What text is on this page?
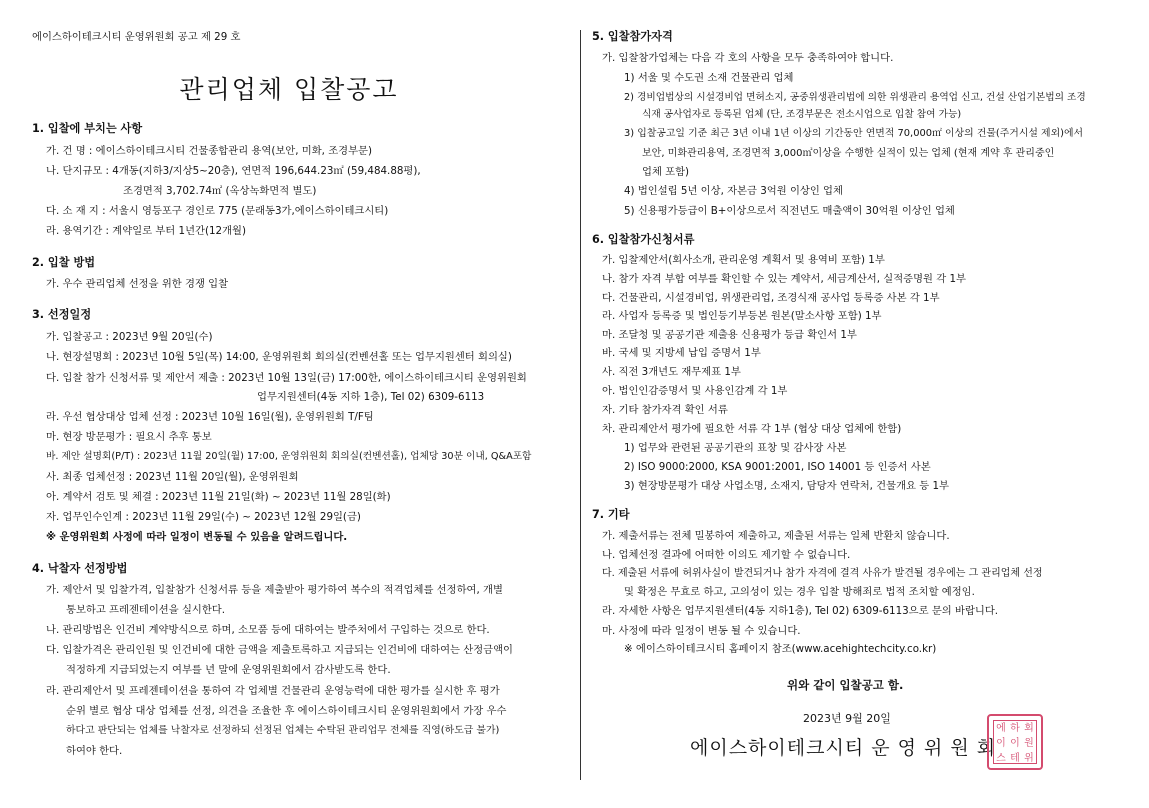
에이스하이테크시티 운영위원회 공고 제 29 호
관리업체 입찰공고
1. 입찰에 부치는 사항
가. 건 명 : 에이스하이테크시티 건물종합관리 용역(보안, 미화, 조경부문)
나. 단지규모 : 4개동(지하3/지상5~20층), 연면적 196,644.23㎡ (59,484.88평),
조경면적 3,702.74㎡ (옥상녹화면적 별도)
다. 소 재 지 : 서울시 영등포구 경인로 775 (문래동3가,에이스하이테크시티)
라. 용역기간 : 계약일로 부터 1년간(12개월)
2. 입찰 방법
가. 우수 관리업체 선정을 위한 경쟁 입찰
3. 선정일정
가. 입찰공고 : 2023년 9월 20일(수)
나. 현장설명회 : 2023년 10월 5일(목) 14:00, 운영위원회 회의실(컨벤션홀 또는 업무지원센터 회의실)
다. 입찰 참가 신청서류 및 제안서 제출 : 2023년 10월 13일(금) 17:00한, 에이스하이테크시티 운영위원회
업무지원센터(4동 지하 1층), Tel 02) 6309-6113
라. 우선 협상대상 업체 선정 : 2023년 10월 16일(월), 운영위원회 T/F팀
마. 현장 방문평가 : 필요시 추후 통보
바. 제안 설명회(P/T) : 2023년 11월 20일(월) 17:00, 운영위원회 회의실(컨벤션홀), 업체당 30분 이내, Q&A포함
사. 최종 업체선정 : 2023년 11월 20일(월), 운영위원회
아. 계약서 검토 및 체결 : 2023년 11월 21일(화) ~ 2023년 11월 28일(화)
자. 업무인수인계 : 2023년 11월 29일(수) ~ 2023년 12월 29일(금)
※ 운영위원회 사정에 따라 일정이 변동될 수 있음을 알려드립니다.
4. 낙찰자 선정방법
가. 제안서 및 입찰가격, 입찰참가 신청서류 등을 제출받아 평가하여 복수의 적격업체를 선정하여, 개별
통보하고 프레젠테이션을 실시한다.
나. 관리방법은 인건비 계약방식으로 하며, 소모품 등에 대하여는 발주처에서 구입하는 것으로 한다.
다. 입찰가격은 관리인원 및 인건비에 대한 금액을 제출토록하고 지급되는 인건비에 대하여는 산정금액이
적정하게 지급되었는지 여부를 년 말에 운영위원회에서 감사받도록 한다.
라. 관리제안서 및 프레젠테이션을 통하여 각 업체별 건물관리 운영능력에 대한 평가를 실시한 후 평가
순위 별로 협상 대상 업체를 선정, 의견을 조율한 후 에이스하이테크시티 운영위원회에서 가장 우수
하다고 판단되는 업체를 낙찰자로 선정하되 선정된 업체는 수탁된 관리업무 전체를 직영(하도급 불가)
하여야 한다.
5. 입찰참가자격
가. 입찰참가업체는 다음 각 호의 사항을 모두 충족하여야 합니다.
1) 서울 및 수도권 소재 건물관리 업체
2) 경비업법상의 시설경비업 면허소지, 공중위생관리법에 의한 위생관리 용역업 신고, 건설 산업기본법의 조경
식재 공사업자로 등록된 업체 (단, 조경부문은 전소시업으로 입찰 참여 가능)
3) 입찰공고일 기준 최근 3년 이내 1년 이상의 기간동안 연면적 70,000㎡ 이상의 건물(주거시설 제외)에서
보안, 미화관리용역, 조경면적 3,000㎡이상을 수행한 실적이 있는 업체 (현재 계약 후 관리중인
업체 포함)
4) 법인설립 5년 이상, 자본금 3억원 이상인 업체
5) 신용평가등급이 B+이상으로서 직전년도 매출액이 30억원 이상인 업체
6. 입찰참가신청서류
가. 입찰제안서(회사소개, 관리운영 계획서 및 용역비 포함) 1부
나. 참가 자격 부합 여부를 확인할 수 있는 계약서, 세금계산서, 실적증명원 각 1부
다. 건물관리, 시설경비업, 위생관리업, 조경식재 공사업 등록증 사본 각 1부
라. 사업자 등록증 및 법인등기부등본 원본(말소사항 포함) 1부
마. 조달청 및 공공기관 제출용 신용평가 등급 확인서 1부
바. 국세 및 지방세 납입 증명서 1부
사. 직전 3개년도 재무제표 1부
아. 법인인감증명서 및 사용인감계 각 1부
자. 기타 참가자격 확인 서류
차. 관리제안서 평가에 필요한 서류 각 1부 (협상 대상 업체에 한함)
1) 업무와 관련된 공공기관의 표창 및 감사장 사본
2) ISO 9000:2000, KSA 9001:2001, ISO 14001 등 인증서 사본
3) 현장방문평가 대상 사업소명, 소재지, 담당자 연락처, 건물개요 등 1부
7. 기타
가. 제출서류는 전체 밀봉하여 제출하고, 제출된 서류는 일체 반환치 않습니다.
나. 업체선정 결과에 어떠한 이의도 제기할 수 없습니다.
다. 제출된 서류에 허위사실이 발견되거나 참가 자격에 결격 사유가 발견될 경우에는 그 관리업체 선정
및 확정은 무효로 하고, 고의성이 있는 경우 입찰 방해죄로 법적 조치할 예정임.
라. 자세한 사항은 업무지원센터(4동 지하1층), Tel 02) 6309-6113으로 문의 바랍니다.
마. 사정에 따라 일정이 변동 될 수 있습니다.
※ 에이스하이테크시티 홈페이지 참조(www.acehightechcity.co.kr)
위와 같이 입찰공고 함.
2023년 9월 20일
에이스하이테크시티 운 영 위 원 회
에 하 회
이 이 원
스 테 위
